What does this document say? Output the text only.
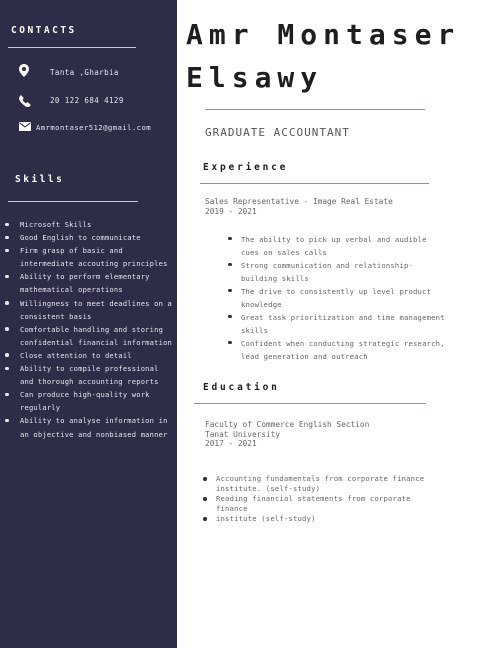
CONTACTS
Tanta ,Gharbia
20 122 684 4129
Amrmontaser512@gmail.com
Skills
Microsoft Skills
Good English to communicate
Firm grasp of basic and intermediate accouting principles
Ability to perform elementary mathematical operations
Willingness to meet deadlines on a consistent basis
Comfortable handling and storing confidential financial information
Close attention to detail
Ability to compile professional and thorough accounting reports
Can produce high-quality work regularly
Ability to analyse information in an objective and nonbiased manner
Amr Montaser
Elsawy
GRADUATE ACCOUNTANT
Experience
Sales Representative - Image Real Estate
2019 - 2021
The ability to pick up verbal and audible cues on sales calls
Strong communication and relationship-building skills
The drive to consistently up level product knowledge
Great task prioritization and time management skills
Confident when conducting strategic research, lead generation and outreach
Education
Faculty of Commerce English Section
Tanat University
2017 - 2021
Accounting fundamentals from corporate finance institute. (self-study)
Reading financial statements from corporate finance
institute (self-study)
